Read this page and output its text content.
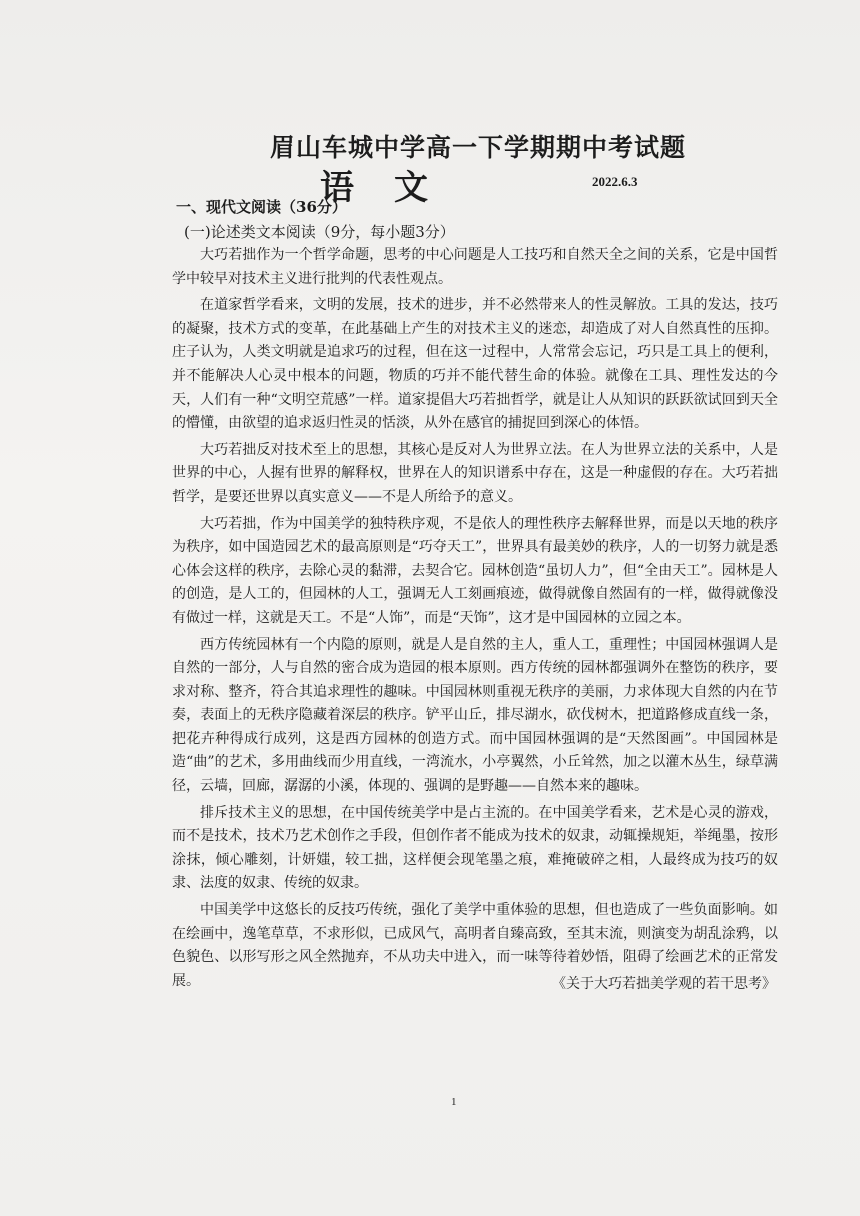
眉山车城中学高一下学期期中考试题
语文	2022.6.3
一、现代文阅读（36分）
(一)论述类文本阅读（9分，每小题3分）

大巧若拙作为一个哲学命题，思考的中心问题是人工技巧和自然天全之间的关系，它是中国哲学中较早对技术主义进行批判的代表性观点。

在道家哲学看来，文明的发展，技术的进步，并不必然带来人的性灵解放。工具的发达，技巧的凝聚，技术方式的变革，在此基础上产生的对技术主义的迷恋，却造成了对人自然真性的压抑。庄子认为，人类文明就是追求巧的过程，但在这一过程中，人常常会忘记，巧只是工具上的便利，并不能解决人心灵中根本的问题，物质的巧并不能代替生命的体验。就像在工具、理性发达的今天，人们有一种“文明空荒感”一样。道家提倡大巧若拙哲学，就是让人从知识的跃跃欲试回到天全的懵懂，由欲望的追求返归性灵的恬淡，从外在感官的捕捉回到深心的体悟。

大巧若拙反对技术至上的思想，其核心是反对人为世界立法。在人为世界立法的关系中，人是世界的中心，人握有世界的解释权，世界在人的知识谱系中存在，这是一种虚假的存在。大巧若拙哲学，是要还世界以真实意义——不是人所给予的意义。

大巧若拙，作为中国美学的独特秩序观，不是依人的理性秩序去解释世界，而是以天地的秩序为秩序，如中国造园艺术的最高原则是“巧夺天工”，世界具有最美妙的秩序，人的一切努力就是悉心体会这样的秩序，去除心灵的黏滞，去契合它。园林创造“虽切人力”，但“全由天工”。园林是人的创造，是人工的，但园林的人工，强调无人工刻画痕迹，做得就像自然固有的一样，做得就像没有做过一样，这就是天工。不是“人饰”，而是“天饰”，这才是中国园林的立园之本。

西方传统园林有一个内隐的原则，就是人是自然的主人，重人工，重理性；中国园林强调人是自然的一部分，人与自然的密合成为造园的根本原则。西方传统的园林都强调外在整饬的秩序，要求对称、整齐，符合其追求理性的趣味。中国园林则重视无秩序的美丽，力求体现大自然的内在节奏，表面上的无秩序隐藏着深层的秩序。铲平山丘，排尽湖水，砍伐树木，把道路修成直线一条，把花卉种得成行成列，这是西方园林的创造方式。而中国园林强调的是“天然图画”。中国园林是造“曲”的艺术，多用曲线而少用直线，一湾流水，小亭翼然，小丘耸然，加之以灌木丛生，绿草满径，云墙，回廊，潺潺的小溪，体现的、强调的是野趣——自然本来的趣味。

排斥技术主义的思想，在中国传统美学中是占主流的。在中国美学看来，艺术是心灵的游戏，而不是技术，技术乃艺术创作之手段，但创作者不能成为技术的奴隶，动辄操规矩，举绳墨，按形涂抹，倾心雕刻，计妍媸，较工拙，这样便会现笔墨之痕，难掩破碎之相，人最终成为技巧的奴隶、法度的奴隶、传统的奴隶。

中国美学中这悠长的反技巧传统，强化了美学中重体验的思想，但也造成了一些负面影响。如在绘画中，逸笔草草，不求形似，已成风气，高明者自臻高致，至其末流，则演变为胡乱涂鸦，以色貌色、以形写形之风全然抛弃，不从功夫中进入，而一味等待着妙悟，阻碍了绘画艺术的正常发展。	《关于大巧若拙美学观的若干思考》

1
